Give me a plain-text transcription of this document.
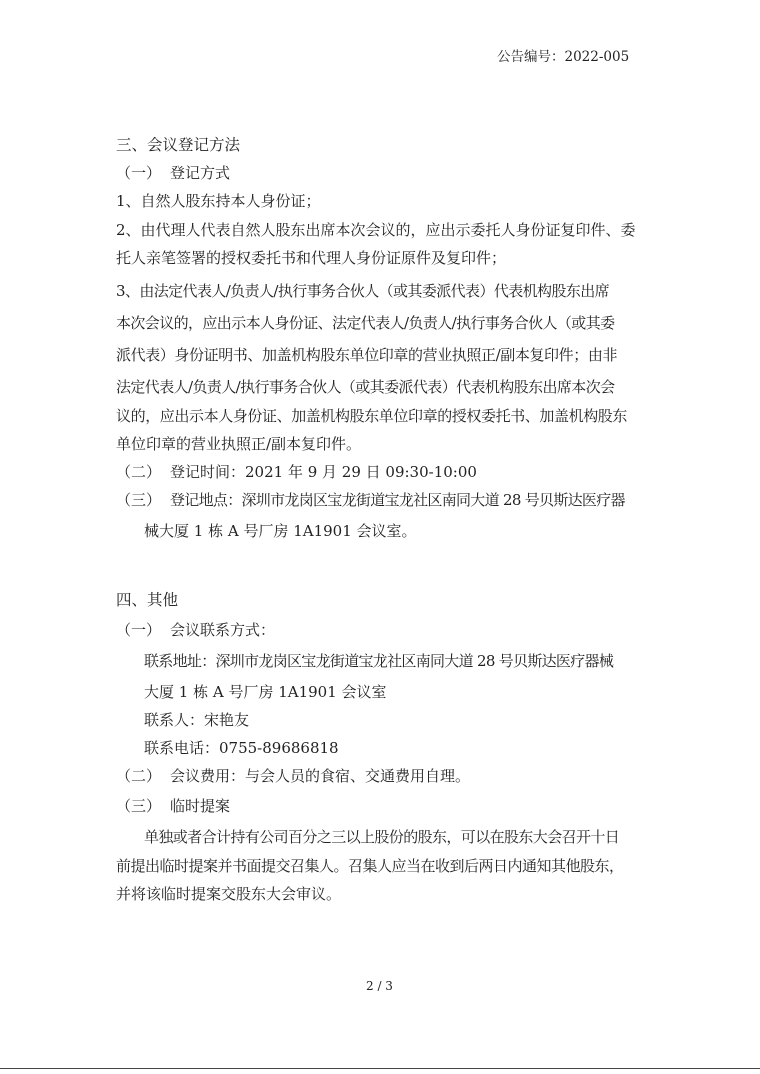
公告编号：2022-005
三、会议登记方法
（一） 登记方式
1、自然人股东持本人身份证；
2、由代理人代表自然人股东出席本次会议的，应出示委托人身份证复印件、委
托人亲笔签署的授权委托书和代理人身份证原件及复印件；
3、由法定代表人/负责人/执行事务合伙人（或其委派代表）代表机构股东出席
本次会议的，应出示本人身份证、法定代表人/负责人/执行事务合伙人（或其委
派代表）身份证明书、加盖机构股东单位印章的营业执照正/副本复印件；由非
法定代表人/负责人/执行事务合伙人（或其委派代表）代表机构股东出席本次会
议的，应出示本人身份证、加盖机构股东单位印章的授权委托书、加盖机构股东
单位印章的营业执照正/副本复印件。
（二） 登记时间：2021 年 9 月 29 日 09:30-10:00
（三） 登记地点：深圳市龙岗区宝龙街道宝龙社区南同大道 28 号贝斯达医疗器
械大厦 1 栋 A 号厂房 1A1901 会议室。
四、其他
（一） 会议联系方式：
联系地址：深圳市龙岗区宝龙街道宝龙社区南同大道 28 号贝斯达医疗器械
大厦 1 栋 A 号厂房 1A1901 会议室
联系人：宋艳友
联系电话：0755-89686818
（二） 会议费用：与会人员的食宿、交通费用自理。
（三） 临时提案
单独或者合计持有公司百分之三以上股份的股东，可以在股东大会召开十日
前提出临时提案并书面提交召集人。召集人应当在收到后两日内通知其他股东，
并将该临时提案交股东大会审议。
2 / 3
